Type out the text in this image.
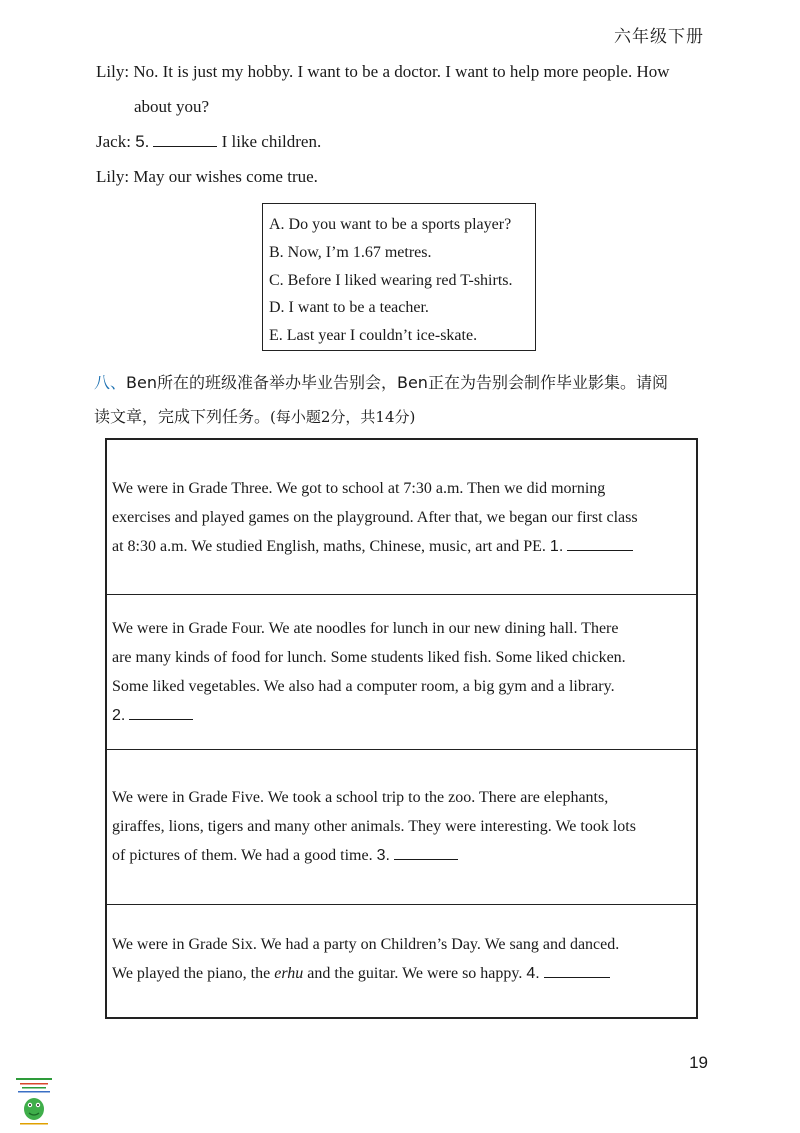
六年级下册
Lily: No. It is just my hobby. I want to be a doctor. I want to help more people. How
about you?
Jack: 5.	I like children.
Lily: May our wishes come true.
A. Do you want to be a sports player?
B. Now, I’m 1.67 metres.
C. Before I liked wearing red T-shirts.
D. I want to be a teacher.
E. Last year I couldn’t ice-skate.
八、Ben所在的班级准备举办毕业告别会，Ben正在为告别会制作毕业影集。请阅
读文章，完成下列任务。(每小题2分，共14分)

We were in Grade Three. We got to school at 7:30 a.m. Then we did morning
exercises and played games on the playground. After that, we began our first class
at 8:30 a.m. We studied English, maths, Chinese, music, art and PE. 1.

We were in Grade Four. We ate noodles for lunch in our new dining hall. There
are many kinds of food for lunch. Some students liked fish. Some liked chicken.
Some liked vegetables. We also had a computer room, a big gym and a library.
2.

We were in Grade Five. We took a school trip to the zoo. There are elephants,
giraffes, lions, tigers and many other animals. They were interesting. We took lots
of pictures of them. We had a good time. 3.

We were in Grade Six. We had a party on Children’s Day. We sang and danced.
We played the piano, the erhu and the guitar. We were so happy. 4.

19
